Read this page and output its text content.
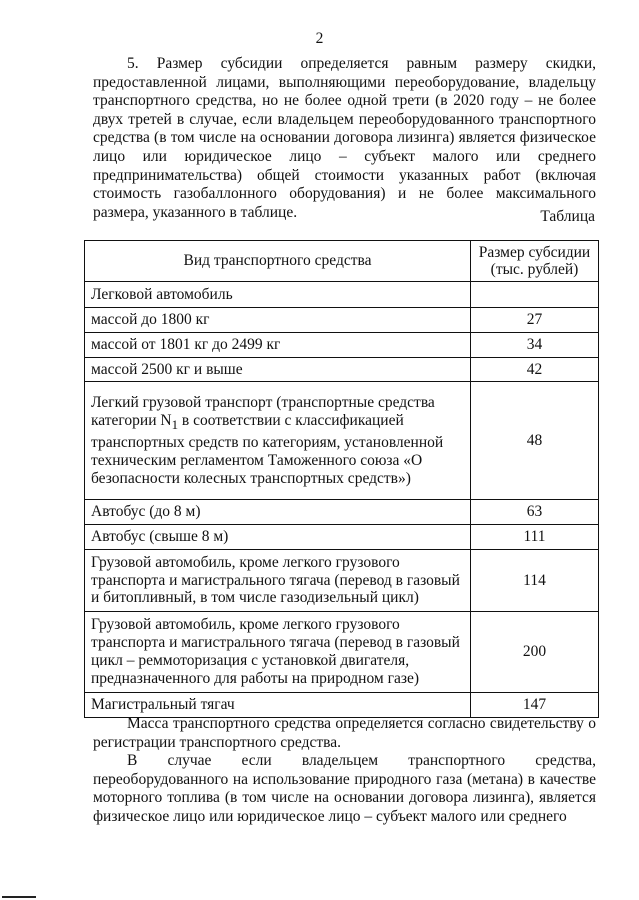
2

5. Размер субсидии определяется равным размеру скидки, предоставленной лицами, выполняющими переоборудование, владельцу транспортного средства, но не более одной трети (в 2020 году – не более двух третей в случае, если владельцем переоборудованного транспортного средства (в том числе на основании договора лизинга) является физическое лицо или юридическое лицо – субъект малого или среднего предпринимательства) общей стоимости указанных работ (включая стоимость газобаллонного оборудования) и не более максимального размера, указанного в таблице.	Таблица
Вид транспортного средства	Размер субсидии (тыс. рублей)
Легковой автомобиль	
массой до 1800 кг	27
массой от 1801 кг до 2499 кг	34
массой 2500 кг и выше	42
Легкий грузовой транспорт (транспортные средства категории $N_1$ в соответствии с классификацией транспортных средств по категориям, установленной техническим регламентом Таможенного союза «О безопасности колесных транспортных средств»)	48
Автобус (до 8 м)	63
Автобус (свыше 8 м)	111
Грузовой автомобиль, кроме легкого грузового транспорта и магистрального тягача (перевод в газовый и битопливный, в том числе газодизельный цикл)	114
Грузовой автомобиль, кроме легкого грузового транспорта и магистрального тягача (перевод в газовый цикл – реммоторизация с установкой двигателя, предназначенного для работы на природном газе)	200
Магистральный тягач	147

Масса транспортного средства определяется согласно свидетельству о регистрации транспортного средства.

В случае если владельцем транспортного средства, переоборудованного на использование природного газа (метана) в качестве моторного топлива (в том числе на основании договора лизинга), является физическое лицо или юридическое лицо – субъект малого или среднего
